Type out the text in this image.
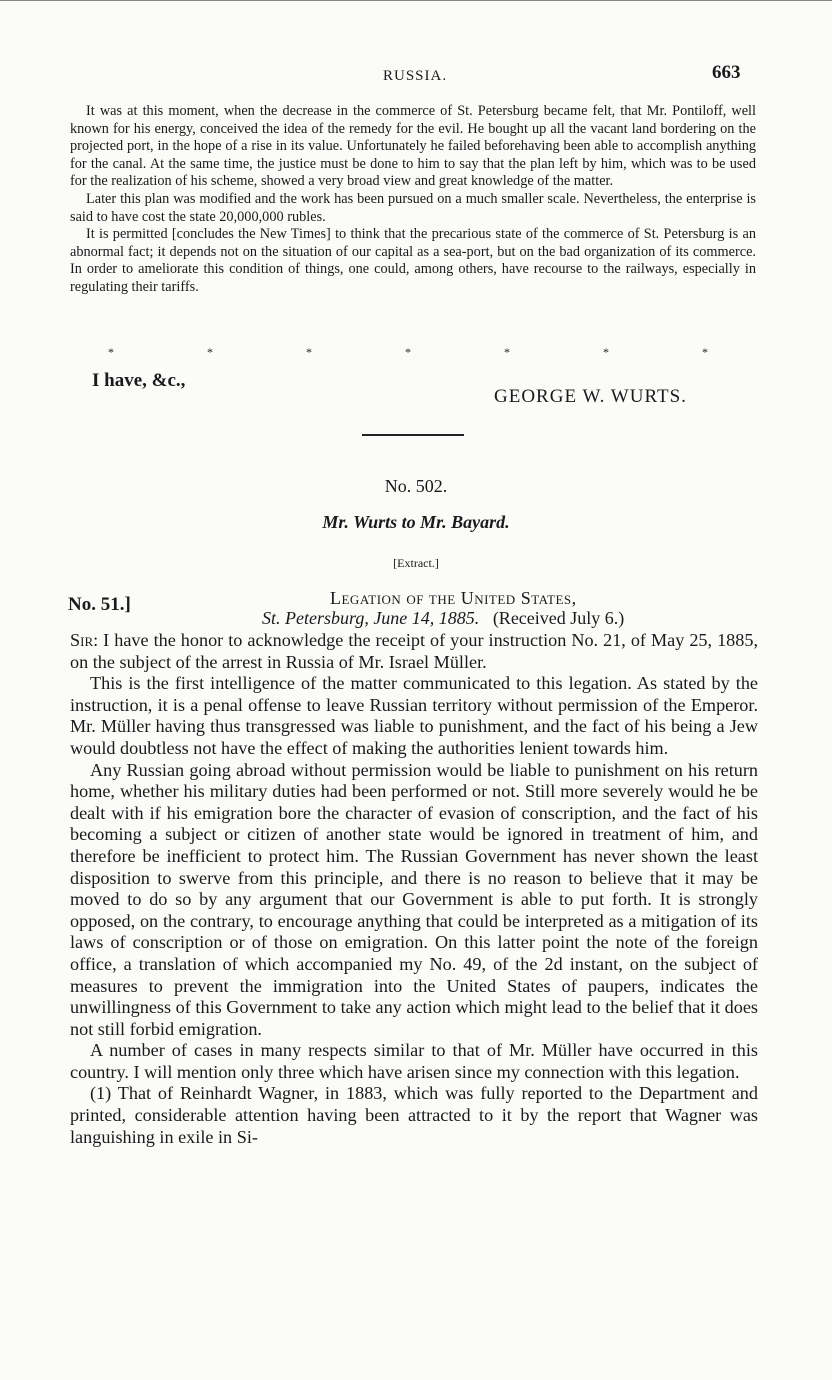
RUSSIA.	663

It was at this moment, when the decrease in the commerce of St. Petersburg became felt, that Mr. Pontiloff, well known for his energy, conceived the idea of the remedy for the evil. He bought up all the vacant land bordering on the projected port, in the hope of a rise in its value. Unfortunately he failed beforehaving been able to accomplish anything for the canal. At the same time, the justice must be done to him to say that the plan left by him, which was to be used for the realization of his scheme, showed a very broad view and great knowledge of the matter.

Later this plan was modified and the work has been pursued on a much smaller scale. Nevertheless, the enterprise is said to have cost the state 20,000,000 rubles.

It is permitted [concludes the New Times] to think that the precarious state of the commerce of St. Petersburg is an abnormal fact; it depends not on the situation of our capital as a sea-port, but on the bad organization of its commerce. In order to ameliorate this condition of things, one could, among others, have recourse to the railways, especially in regulating their tariffs.

*	*	*	*	*	*	*
I have, &c.,
GEORGE W. WURTS.
No. 502.
Mr. Wurts to Mr. Bayard.
[Extract.]
No. 51.]	Legation of the United States,
St. Petersburg, June 14, 1885. (Received July 6.)

Sir: I have the honor to acknowledge the receipt of your instruction No. 21, of May 25, 1885, on the subject of the arrest in Russia of Mr. Israel Müller.

This is the first intelligence of the matter communicated to this legation. As stated by the instruction, it is a penal offense to leave Russian territory without permission of the Emperor. Mr. Müller having thus transgressed was liable to punishment, and the fact of his being a Jew would doubtless not have the effect of making the authorities lenient towards him.

Any Russian going abroad without permission would be liable to punishment on his return home, whether his military duties had been performed or not. Still more severely would he be dealt with if his emigration bore the character of evasion of conscription, and the fact of his becoming a subject or citizen of another state would be ignored in treatment of him, and therefore be inefficient to protect him. The Russian Government has never shown the least disposition to swerve from this principle, and there is no reason to believe that it may be moved to do so by any argument that our Government is able to put forth. It is strongly opposed, on the contrary, to encourage anything that could be interpreted as a mitigation of its laws of conscription or of those on emigration. On this latter point the note of the foreign office, a translation of which accompanied my No. 49, of the 2d instant, on the subject of measures to prevent the immigration into the United States of paupers, indicates the unwillingness of this Government to take any action which might lead to the belief that it does not still forbid emigration.

A number of cases in many respects similar to that of Mr. Müller have occurred in this country. I will mention only three which have arisen since my connection with this legation.

(1) That of Reinhardt Wagner, in 1883, which was fully reported to the Department and printed, considerable attention having been attracted to it by the report that Wagner was languishing in exile in Si-
